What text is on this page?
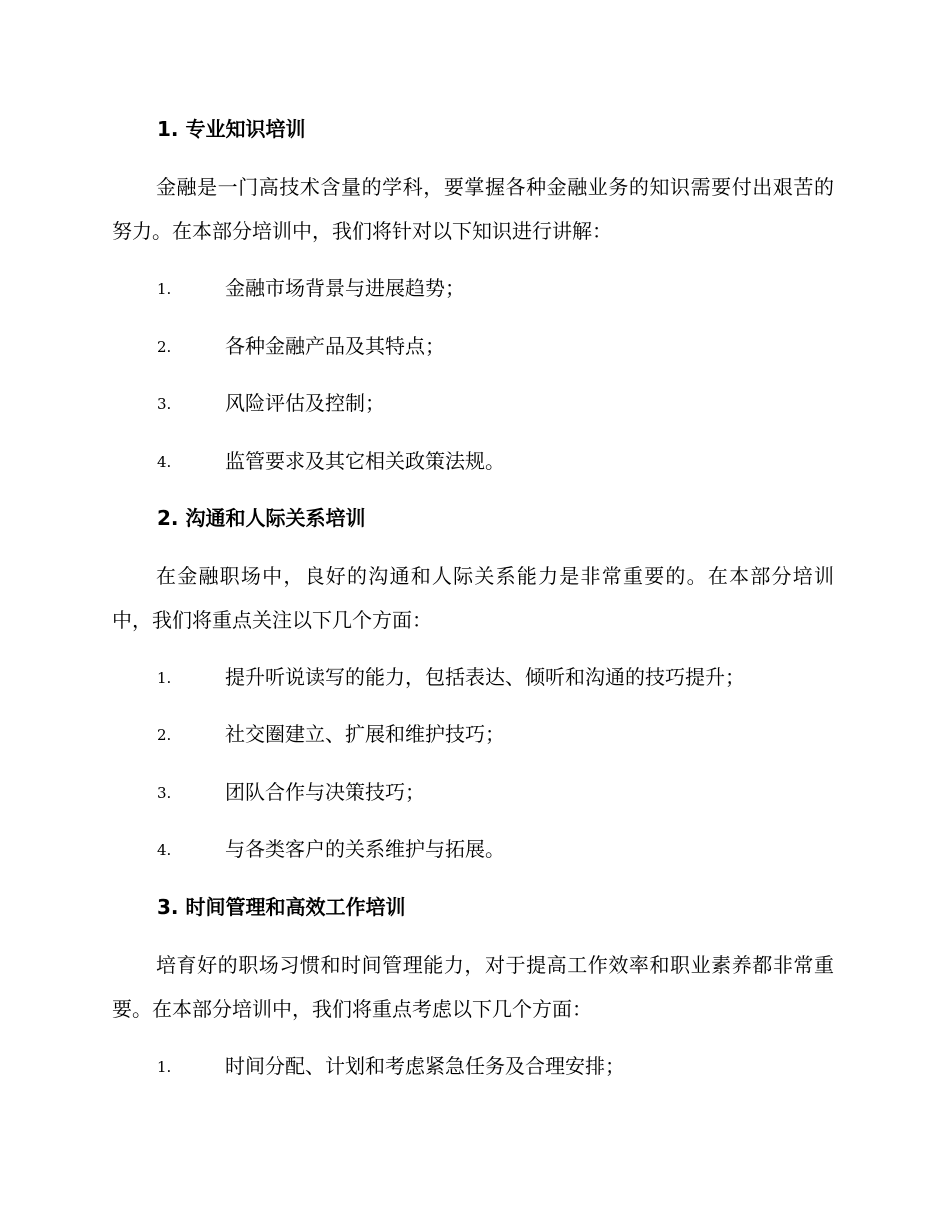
1. 专业知识培训
金融是一门高技术含量的学科，要掌握各种金融业务的知识需要付出艰苦的努力。在本部分培训中，我们将针对以下知识进行讲解：
1.	金融市场背景与进展趋势；
2.	各种金融产品及其特点；
3.	风险评估及控制；
4.	监管要求及其它相关政策法规。
2. 沟通和人际关系培训
在金融职场中，良好的沟通和人际关系能力是非常重要的。在本部分培训中，我们将重点关注以下几个方面：
1.	提升听说读写的能力，包括表达、倾听和沟通的技巧提升；
2.	社交圈建立、扩展和维护技巧；
3.	团队合作与决策技巧；
4.	与各类客户的关系维护与拓展。
3. 时间管理和高效工作培训
培育好的职场习惯和时间管理能力，对于提高工作效率和职业素养都非常重要。在本部分培训中，我们将重点考虑以下几个方面：
1.	时间分配、计划和考虑紧急任务及合理安排；
